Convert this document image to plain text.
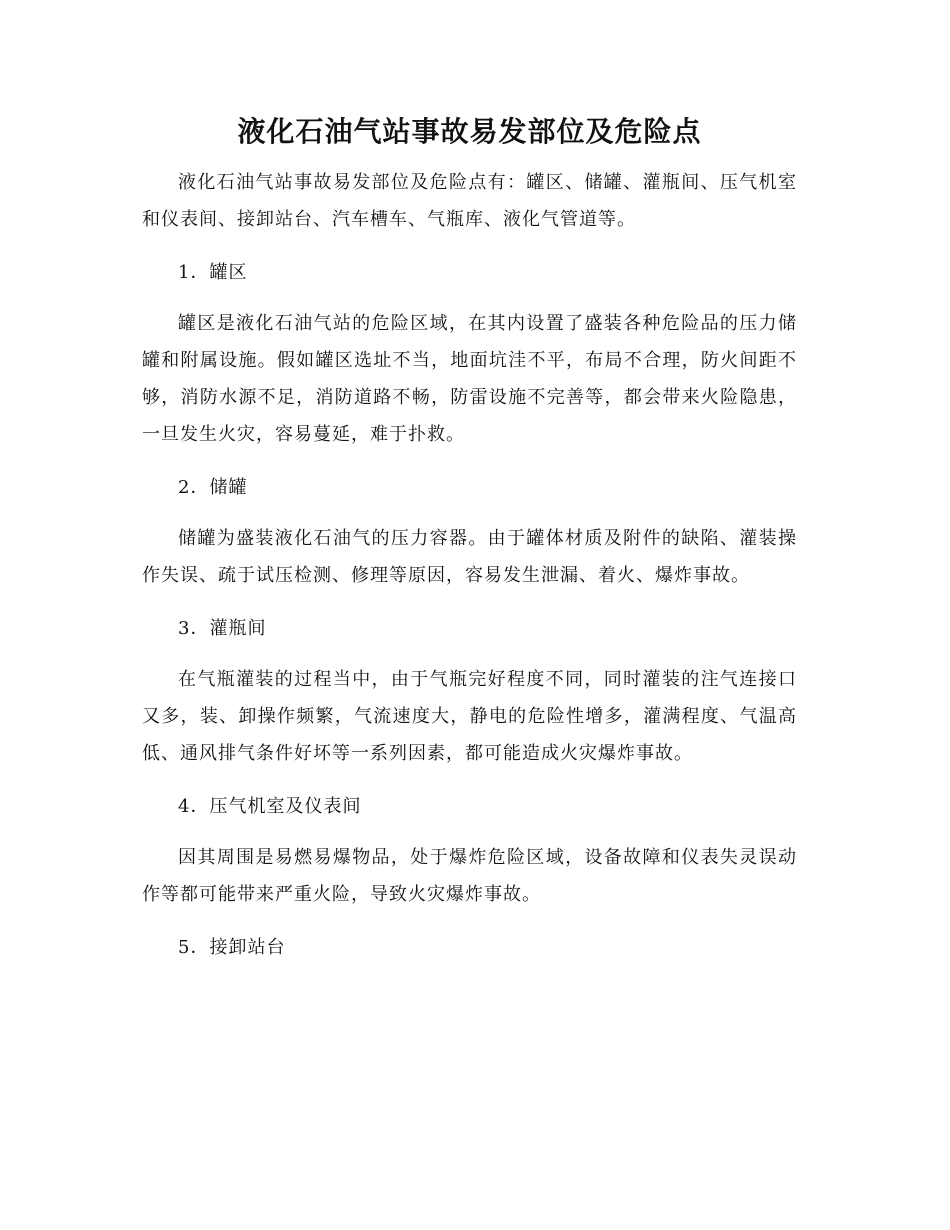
液化石油气站事故易发部位及危险点

液化石油气站事故易发部位及危险点有：罐区、储罐、灌瓶间、压气机室和仪表间、接卸站台、汽车槽车、气瓶库、液化气管道等。

1．罐区

罐区是液化石油气站的危险区域，在其内设置了盛装各种危险品的压力储罐和附属设施。假如罐区选址不当，地面坑洼不平，布局不合理，防火间距不够，消防水源不足，消防道路不畅，防雷设施不完善等，都会带来火险隐患，一旦发生火灾，容易蔓延，难于扑救。

2．储罐

储罐为盛装液化石油气的压力容器。由于罐体材质及附件的缺陷、灌装操作失误、疏于试压检测、修理等原因，容易发生泄漏、着火、爆炸事故。

3．灌瓶间

在气瓶灌装的过程当中，由于气瓶完好程度不同，同时灌装的注气连接口又多，装、卸操作频繁，气流速度大，静电的危险性增多，灌满程度、气温高低、通风排气条件好坏等一系列因素，都可能造成火灾爆炸事故。

4．压气机室及仪表间

因其周围是易燃易爆物品，处于爆炸危险区域，设备故障和仪表失灵误动作等都可能带来严重火险，导致火灾爆炸事故。

5．接卸站台
